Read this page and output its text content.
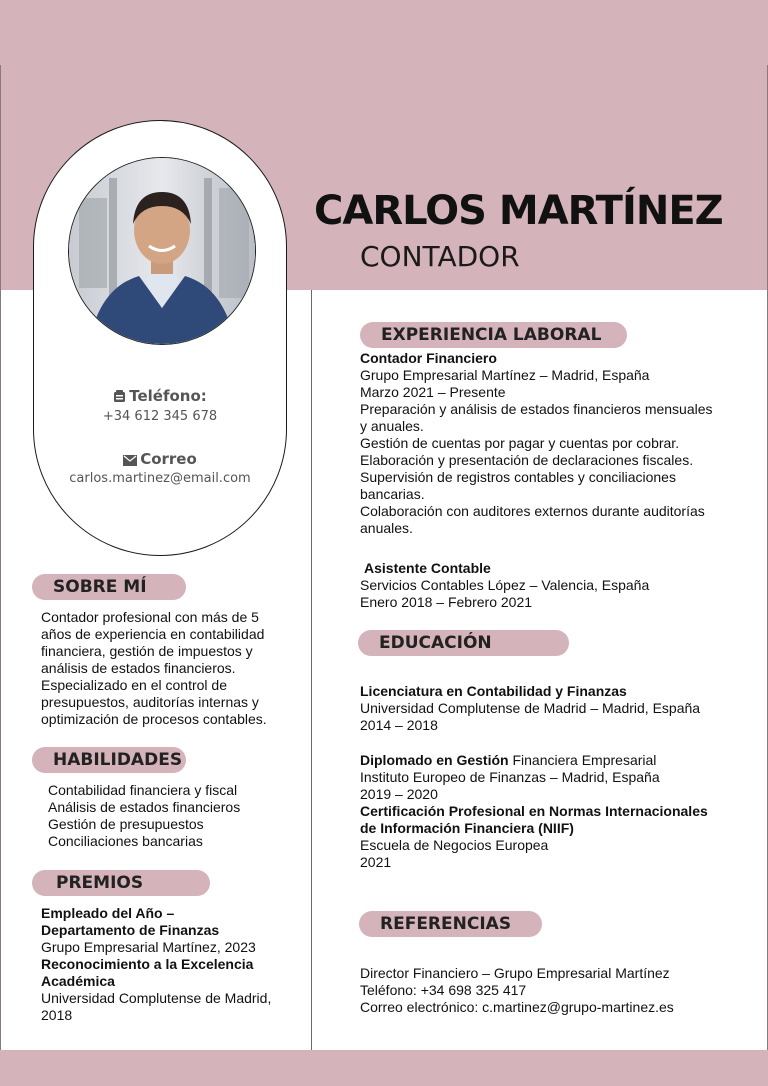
Teléfono:
+34 612 345 678
Correo
carlos.martinez@email.com
CARLOS MARTÍNEZ
CONTADOR
SOBRE MÍ
Contador profesional con más de 5
años de experiencia en contabilidad
financiera, gestión de impuestos y
análisis de estados financieros.
Especializado en el control de
presupuestos, auditorías internas y
optimización de procesos contables.
HABILIDADES
Contabilidad financiera y fiscal
Análisis de estados financieros
Gestión de presupuestos
Conciliaciones bancarias
PREMIOS
Empleado del Año –
Departamento de Finanzas
Grupo Empresarial Martínez, 2023
Reconocimiento a la Excelencia
Académica
Universidad Complutense de Madrid,
2018
EXPERIENCIA LABORAL
Contador Financiero
Grupo Empresarial Martínez – Madrid, España
Marzo 2021 – Presente
Preparación y análisis de estados financieros mensuales
y anuales.
Gestión de cuentas por pagar y cuentas por cobrar.
Elaboración y presentación de declaraciones fiscales.
Supervisión de registros contables y conciliaciones
bancarias.
Colaboración con auditores externos durante auditorías
anuales.
Asistente Contable
Servicios Contables López – Valencia, España
Enero 2018 – Febrero 2021
EDUCACIÓN
Licenciatura en Contabilidad y Finanzas
Universidad Complutense de Madrid – Madrid, España
2014 – 2018
Diplomado en Gestión Financiera Empresarial
Instituto Europeo de Finanzas – Madrid, España
2019 – 2020
Certificación Profesional en Normas Internacionales
de Información Financiera (NIIF)
Escuela de Negocios Europea
2021
REFERENCIAS
Director Financiero – Grupo Empresarial Martínez
Teléfono: +34 698 325 417
Correo electrónico: c.martinez@grupo-martinez.es
